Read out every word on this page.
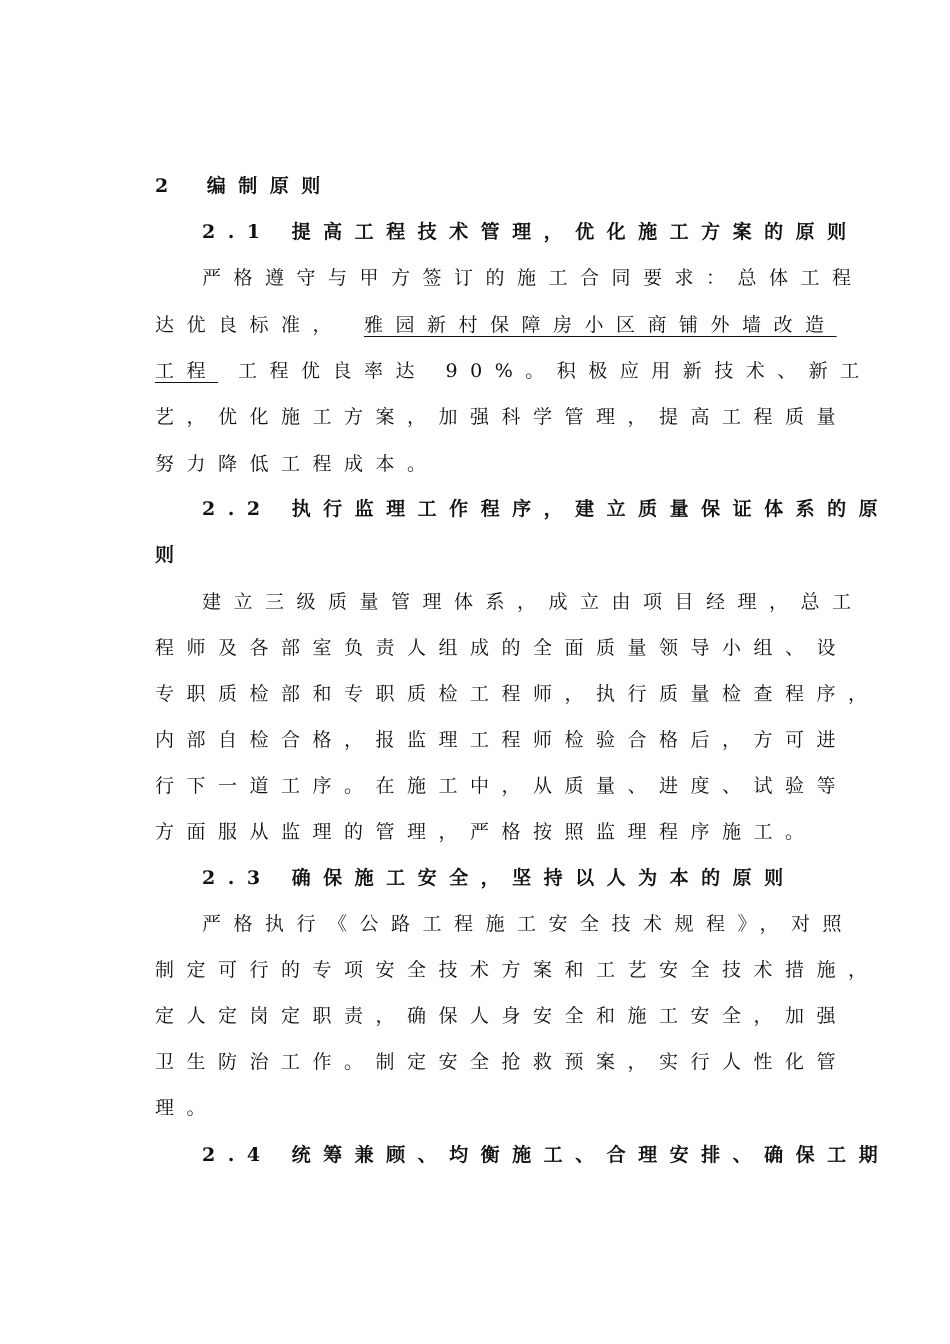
2 编制原则
2.1 提高工程技术管理，优化施工方案的原则
严格遵守与甲方签订的施工合同要求：总体工程
达优良标准， 雅园新村保障房小区商铺外墙改造
工程 工程优良率达 90%。积极应用新技术、新工
艺，优化施工方案，加强科学管理，提高工程质量
努力降低工程成本。
2.2 执行监理工作程序，建立质量保证体系的原
则
建立三级质量管理体系，成立由项目经理，总工
程师及各部室负责人组成的全面质量领导小组、设
专职质检部和专职质检工程师，执行质量检查程序，
内部自检合格，报监理工程师检验合格后，方可进
行下一道工序。在施工中，从质量、进度、试验等
方面服从监理的管理，严格按照监理程序施工。
2.3 确保施工安全，坚持以人为本的原则
严格执行《公路工程施工安全技术规程》，对照
制定可行的专项安全技术方案和工艺安全技术措施，
定人定岗定职责，确保人身安全和施工安全，加强
卫生防治工作。制定安全抢救预案，实行人性化管
理。
2.4 统筹兼顾、均衡施工、合理安排、确保工期
